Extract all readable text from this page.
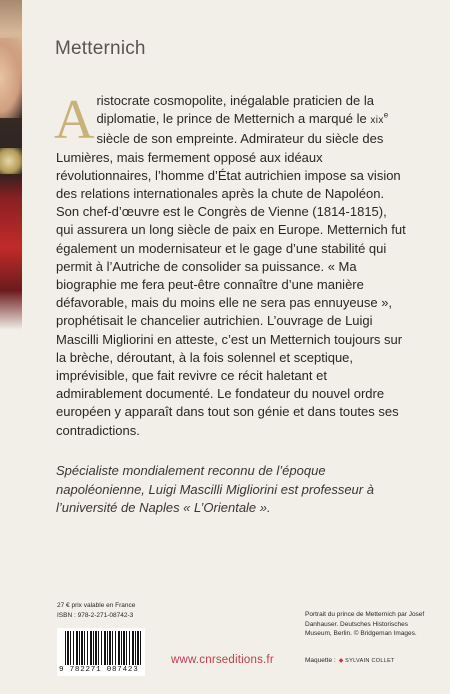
Metternich
Aristocrate cosmopolite, inégalable praticien de la diplomatie, le prince de Metternich a marqué le xix$^e$ siècle de son empreinte. Admirateur du siècle des Lumières, mais fermement opposé aux idéaux révolutionnaires, l’homme d’État autrichien impose sa vision des relations internationales après la chute de Napoléon. Son chef-d’œuvre est le Congrès de Vienne (1814-1815), qui assurera un long siècle de paix en Europe. Metternich fut également un modernisateur et le gage d’une stabilité qui permit à l’Autriche de consolider sa puissance. « Ma biographie me fera peut-être connaître d’une manière défavorable, mais du moins elle ne sera pas ennuyeuse », prophétisait le chancelier autrichien. L’ouvrage de Luigi Mascilli Migliorini en atteste, c’est un Metternich toujours sur la brèche, déroutant, à la fois solennel et sceptique, imprévisible, que fait revivre ce récit haletant et admirablement documenté. Le fondateur du nouvel ordre européen y apparaît dans tout son génie et dans toutes ses contradictions.
Spécialiste mondialement reconnu de l’époque napoléonienne, Luigi Mascilli Migliorini est professeur à l’université de Naples « L’Orientale ».
27 € prix valable en France
ISBN : 978-2-271-08742-3
9 782271 087423
www.cnrseditions.fr
Portrait du prince de Metternich par Josef Danhauser. Deutsches Historisches Museum, Berlin. © Bridgeman Images.
Maquette : ◆ SYLVAIN COLLET
